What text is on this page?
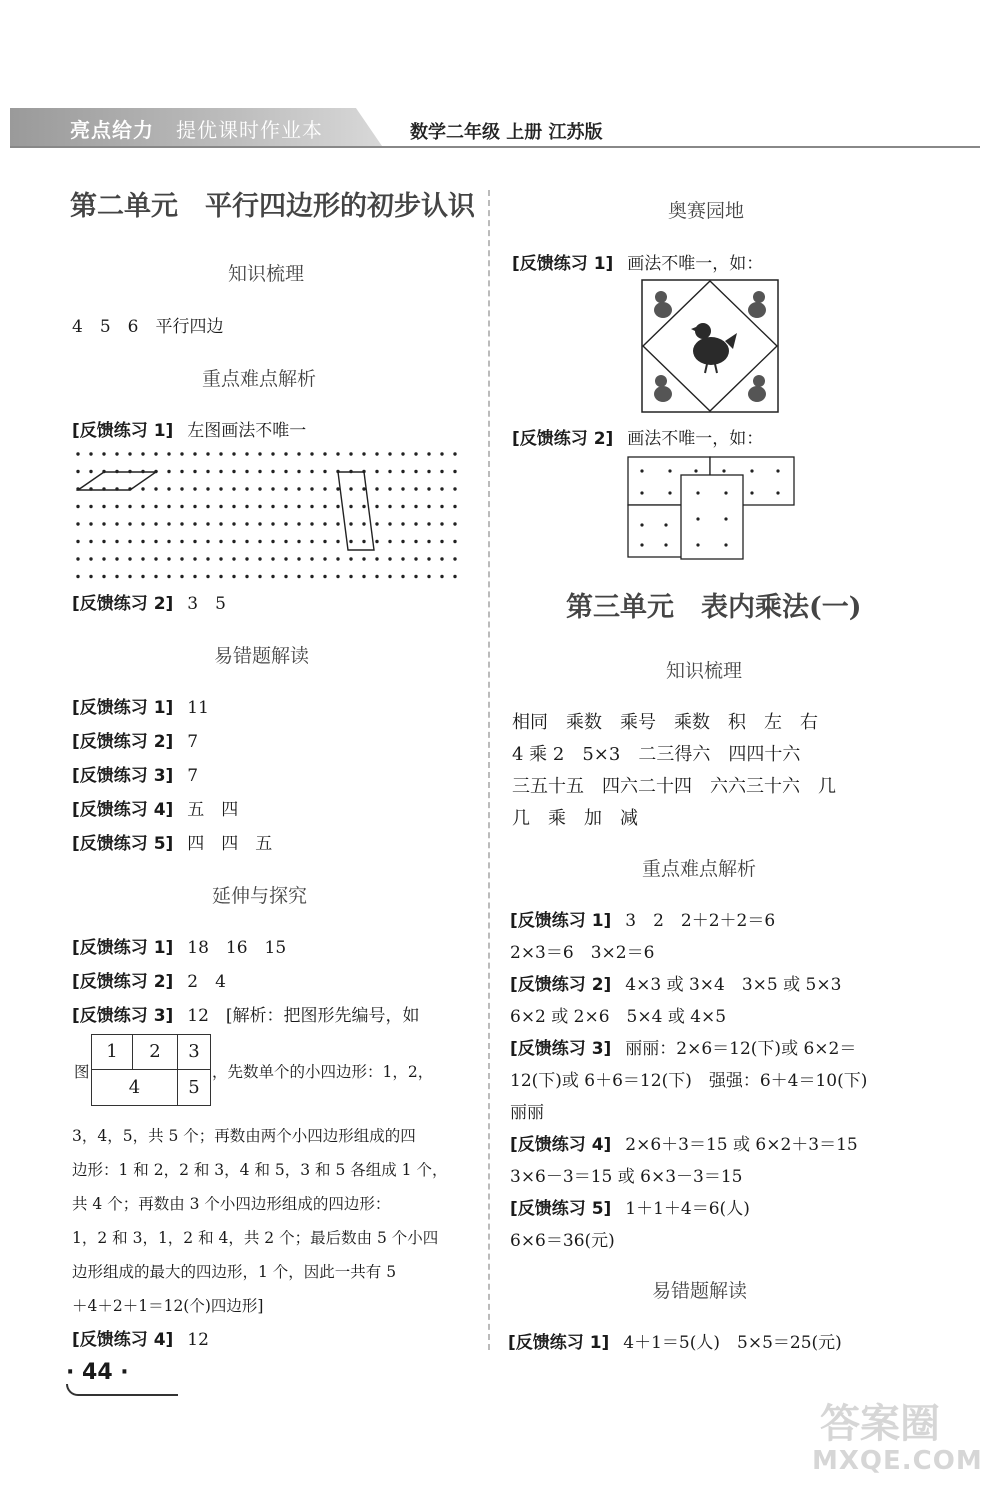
亮点给力 提优课时作业本	数学二年级 上册 江苏版
第二单元　平行四边形的初步认识
知识梳理
4　5　6　平行四边
重点难点解析
[反馈练习 1] 左图画法不唯一
[反馈练习 2] 3　5
易错题解读
[反馈练习 1] 11
[反馈练习 2] 7
[反馈练习 3] 7
[反馈练习 4] 五　四
[反馈练习 5] 四　四　五
延伸与探究
[反馈练习 1] 18　16　15
[反馈练习 2] 2　4
[反馈练习 3] 12　[解析：把图形先编号，如
图
1	2	3
4	5
，先数单个的小四边形：1，2，
3，4，5，共 5 个；再数由两个小四边形组成的四
边形：1 和 2，2 和 3，4 和 5，3 和 5 各组成 1 个，
共 4 个；再数由 3 个小四边形组成的四边形：
1，2 和 3，1，2 和 4，共 2 个；最后数由 5 个小四
边形组成的最大的四边形，1 个，因此一共有 5
＋4＋2＋1＝12(个)四边形]
[反馈练习 4] 12
· 44 ·
奥赛园地
[反馈练习 1] 画法不唯一，如：
[反馈练习 2] 画法不唯一，如：
第三单元　表内乘法(一)
知识梳理
相同　乘数　乘号　乘数　积　左　右
4 乘 2　5×3　二三得六　四四十六
三五十五　四六二十四　六六三十六　几
几　乘　加　减
重点难点解析
[反馈练习 1] 3　2　2＋2＋2＝6
2×3＝6　3×2＝6
[反馈练习 2] 4×3 或 3×4　3×5 或 5×3
6×2 或 2×6　5×4 或 4×5
[反馈练习 3] 丽丽：2×6＝12(下)或 6×2＝
12(下)或 6＋6＝12(下)　强强：6＋4＝10(下)
丽丽
[反馈练习 4] 2×6＋3＝15 或 6×2＋3＝15
3×6－3＝15 或 6×3－3＝15
[反馈练习 5] 1＋1＋4＝6(人)
6×6＝36(元)
易错题解读
[反馈练习 1] 4＋1＝5(人)　5×5＝25(元)
答案圈
MXQE.COM
